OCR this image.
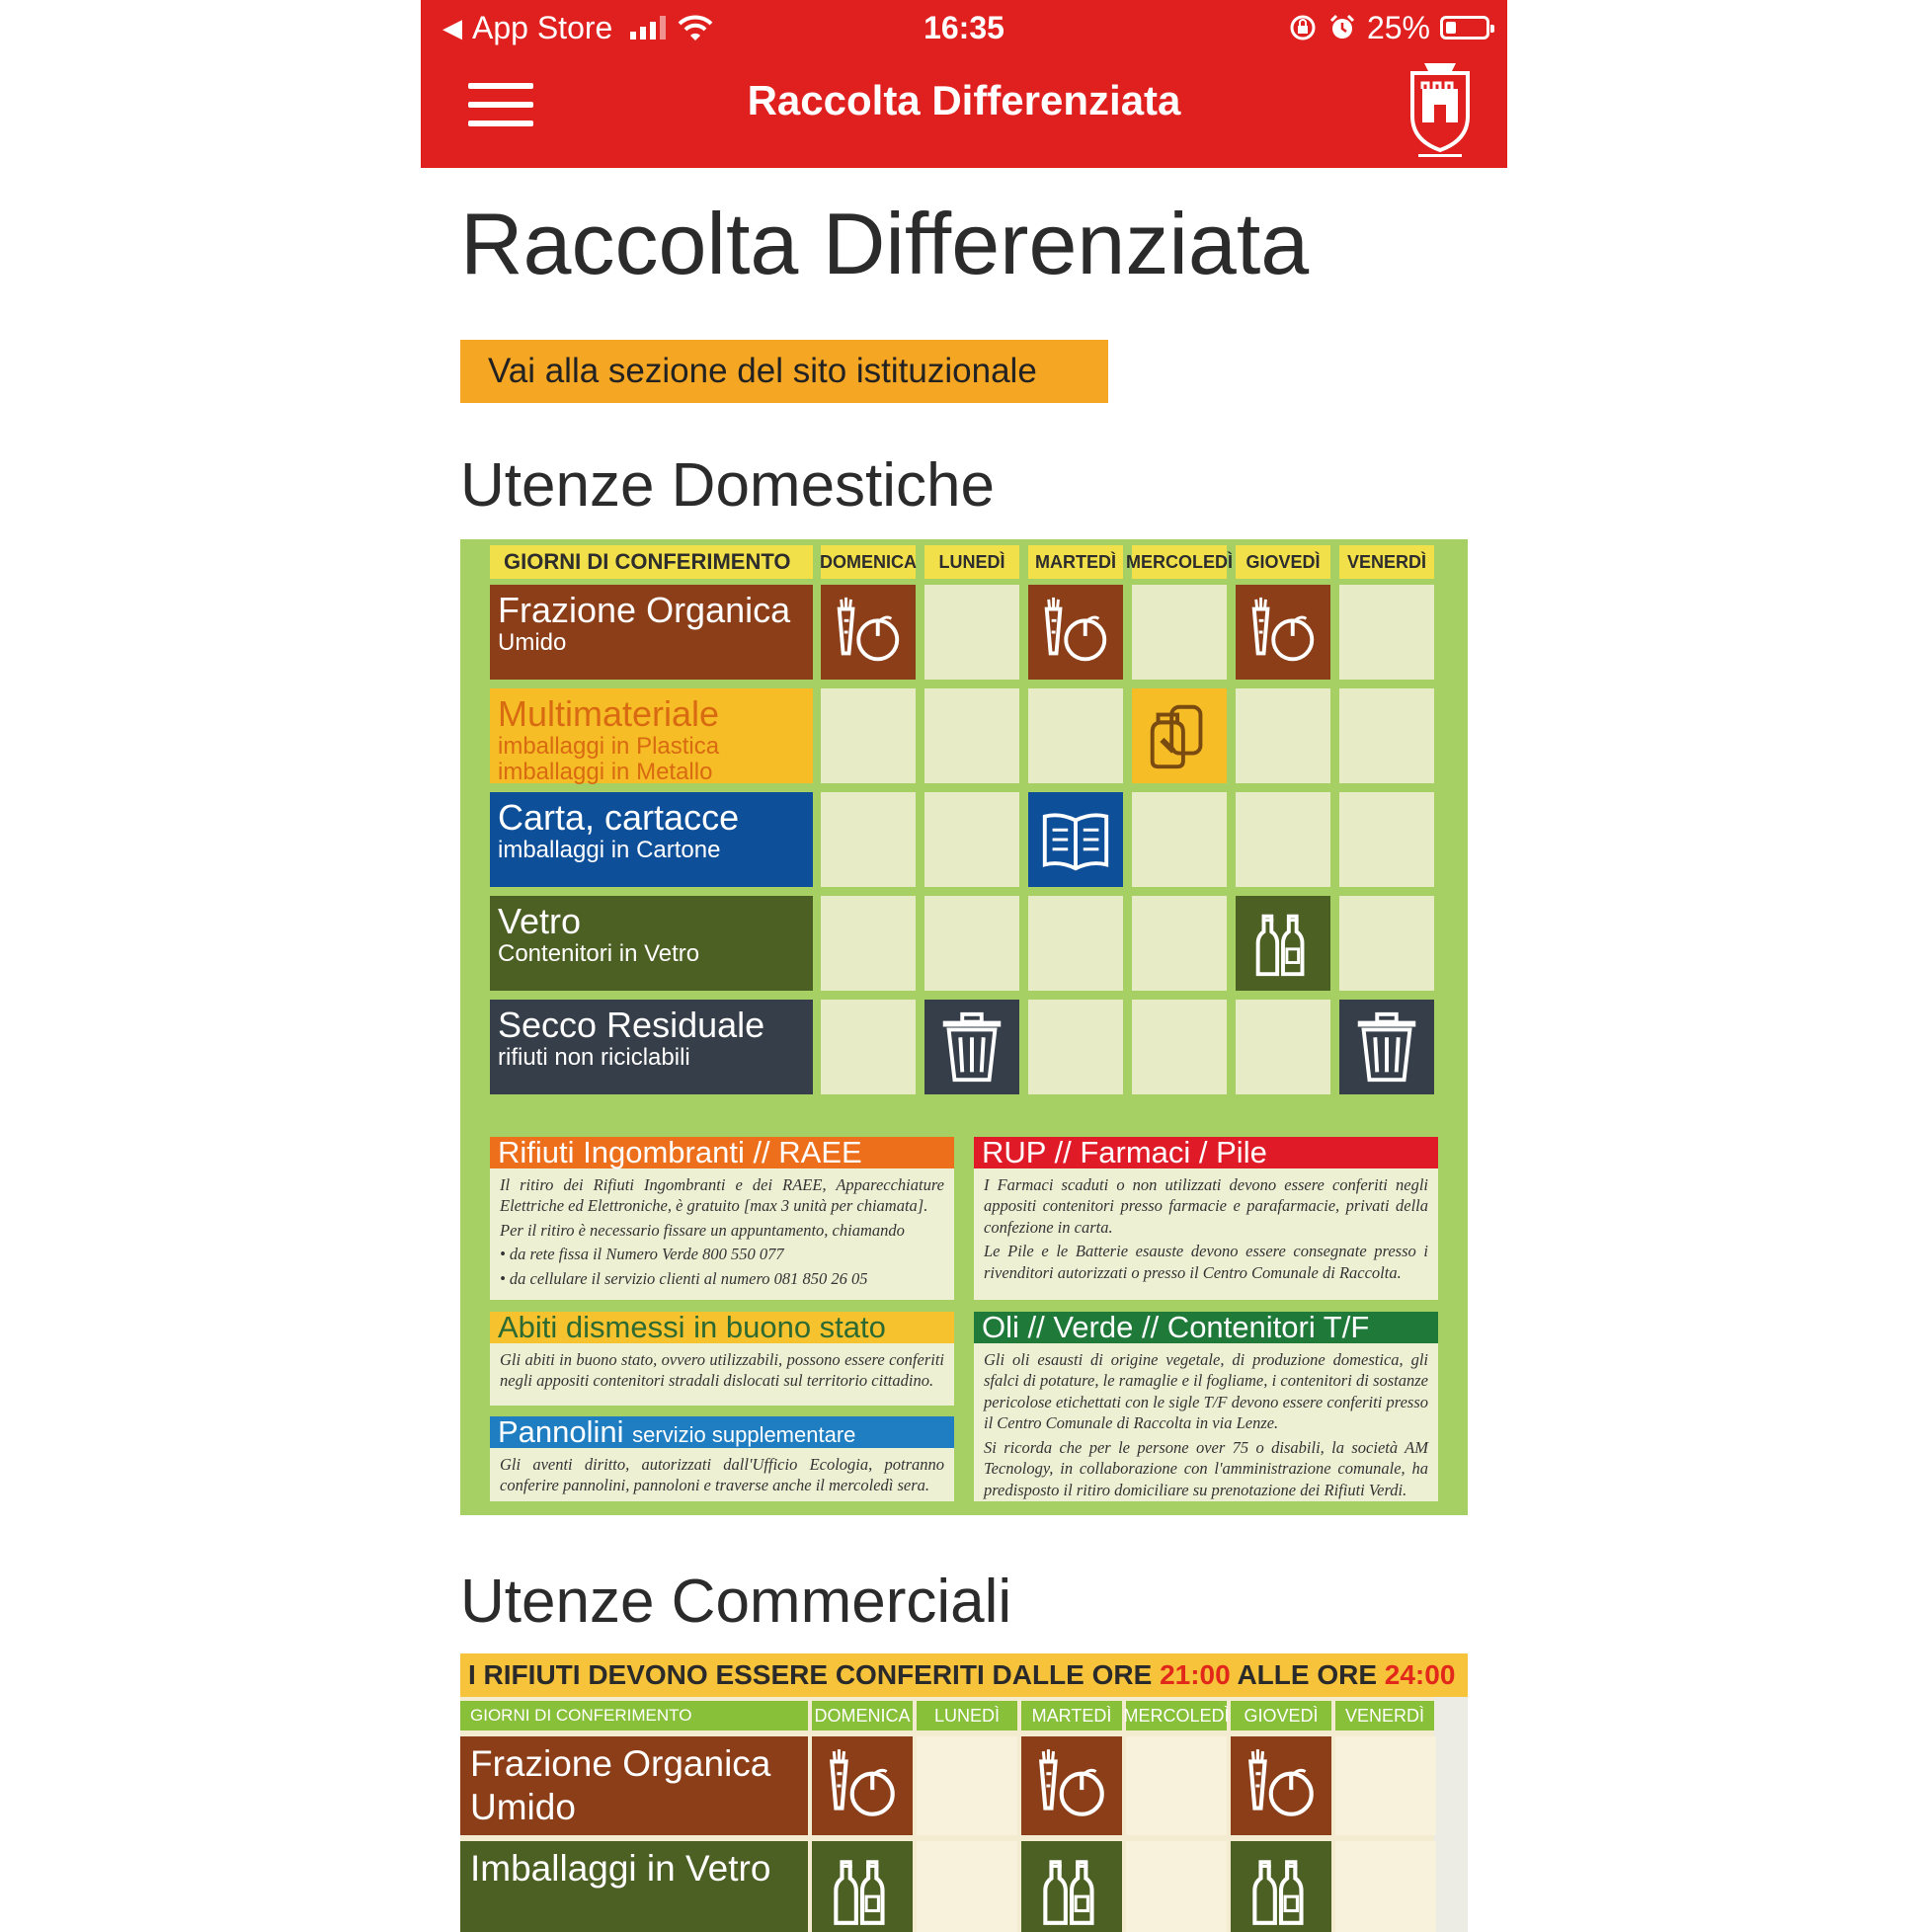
◀ App Store	16:35	25%
Raccolta Differenziata
Raccolta Differenziata
Vai alla sezione del sito istituzionale
Utenze Domestiche
GIORNI DI CONFERIMENTO	DOMENICA	LUNEDÌ	MARTEDÌ MERCOLEDÌ GIOVEDÌ	VENERDÌ
Rifiuti Ingombranti // RAEE

Il ritiro dei Rifiuti Ingombranti e dei RAEE, Apparecchiature Elettriche ed Elettroniche, è gratuito [max 3 unità per chiamata].

Per il ritiro è necessario fissare un appuntamento, chiamando

• da rete fissa il Numero Verde 800 550 077

• da cellulare il servizio clienti al numero 081 850 26 05

RUP // Farmaci / Pile

I Farmaci scaduti o non utilizzati devono essere conferiti negli appositi contenitori presso farmacie e parafarmacie, privati della confezione in carta.

Le Pile e le Batterie esauste devono essere consegnate presso i rivenditori autorizzati o presso il Centro Comunale di Raccolta.

Abiti dismessi in buono stato

Gli abiti in buono stato, ovvero utilizzabili, possono essere conferiti negli appositi contenitori stradali dislocati sul territorio cittadino.

Oli // Verde // Contenitori T/F

Gli oli esausti di origine vegetale, di produzione domestica, gli sfalci di potature, le ramaglie e il fogliame, i contenitori di sostanze pericolose etichettati con le sigle T/F devono essere conferiti presso il Centro Comunale di Raccolta in via Lenze.

Si ricorda che per le persone over 75 o disabili, la società AM Tecnology, in collaborazione con l'amministrazione comunale, ha predisposto il ritiro domiciliare su prenotazione dei Rifiuti Verdi.

Pannolini servizio supplementare

Gli aventi diritto, autorizzati dall'Ufficio Ecologia, potranno conferire pannolini, pannoloni e traverse anche il mercoledì sera.

Frazione Organica
Umido
Multimateriale
imballaggi in Plastica imballaggi in Metallo
Carta, cartacce
imballaggi in Cartone
Vetro
Contenitori in Vetro
Secco Residuale
rifiuti non riciclabili
Utenze Commerciali
I RIFIUTI DEVONO ESSERE CONFERITI DALLE ORE 21:00 ALLE ORE 24:00
GIORNI DI CONFERIMENTO	DOMENICA	LUNEDÌ	MARTEDÌ MERCOLEDÌ GIOVEDÌ	VENERDÌ
Frazione Organica Umido
Imballaggi in Vetro
